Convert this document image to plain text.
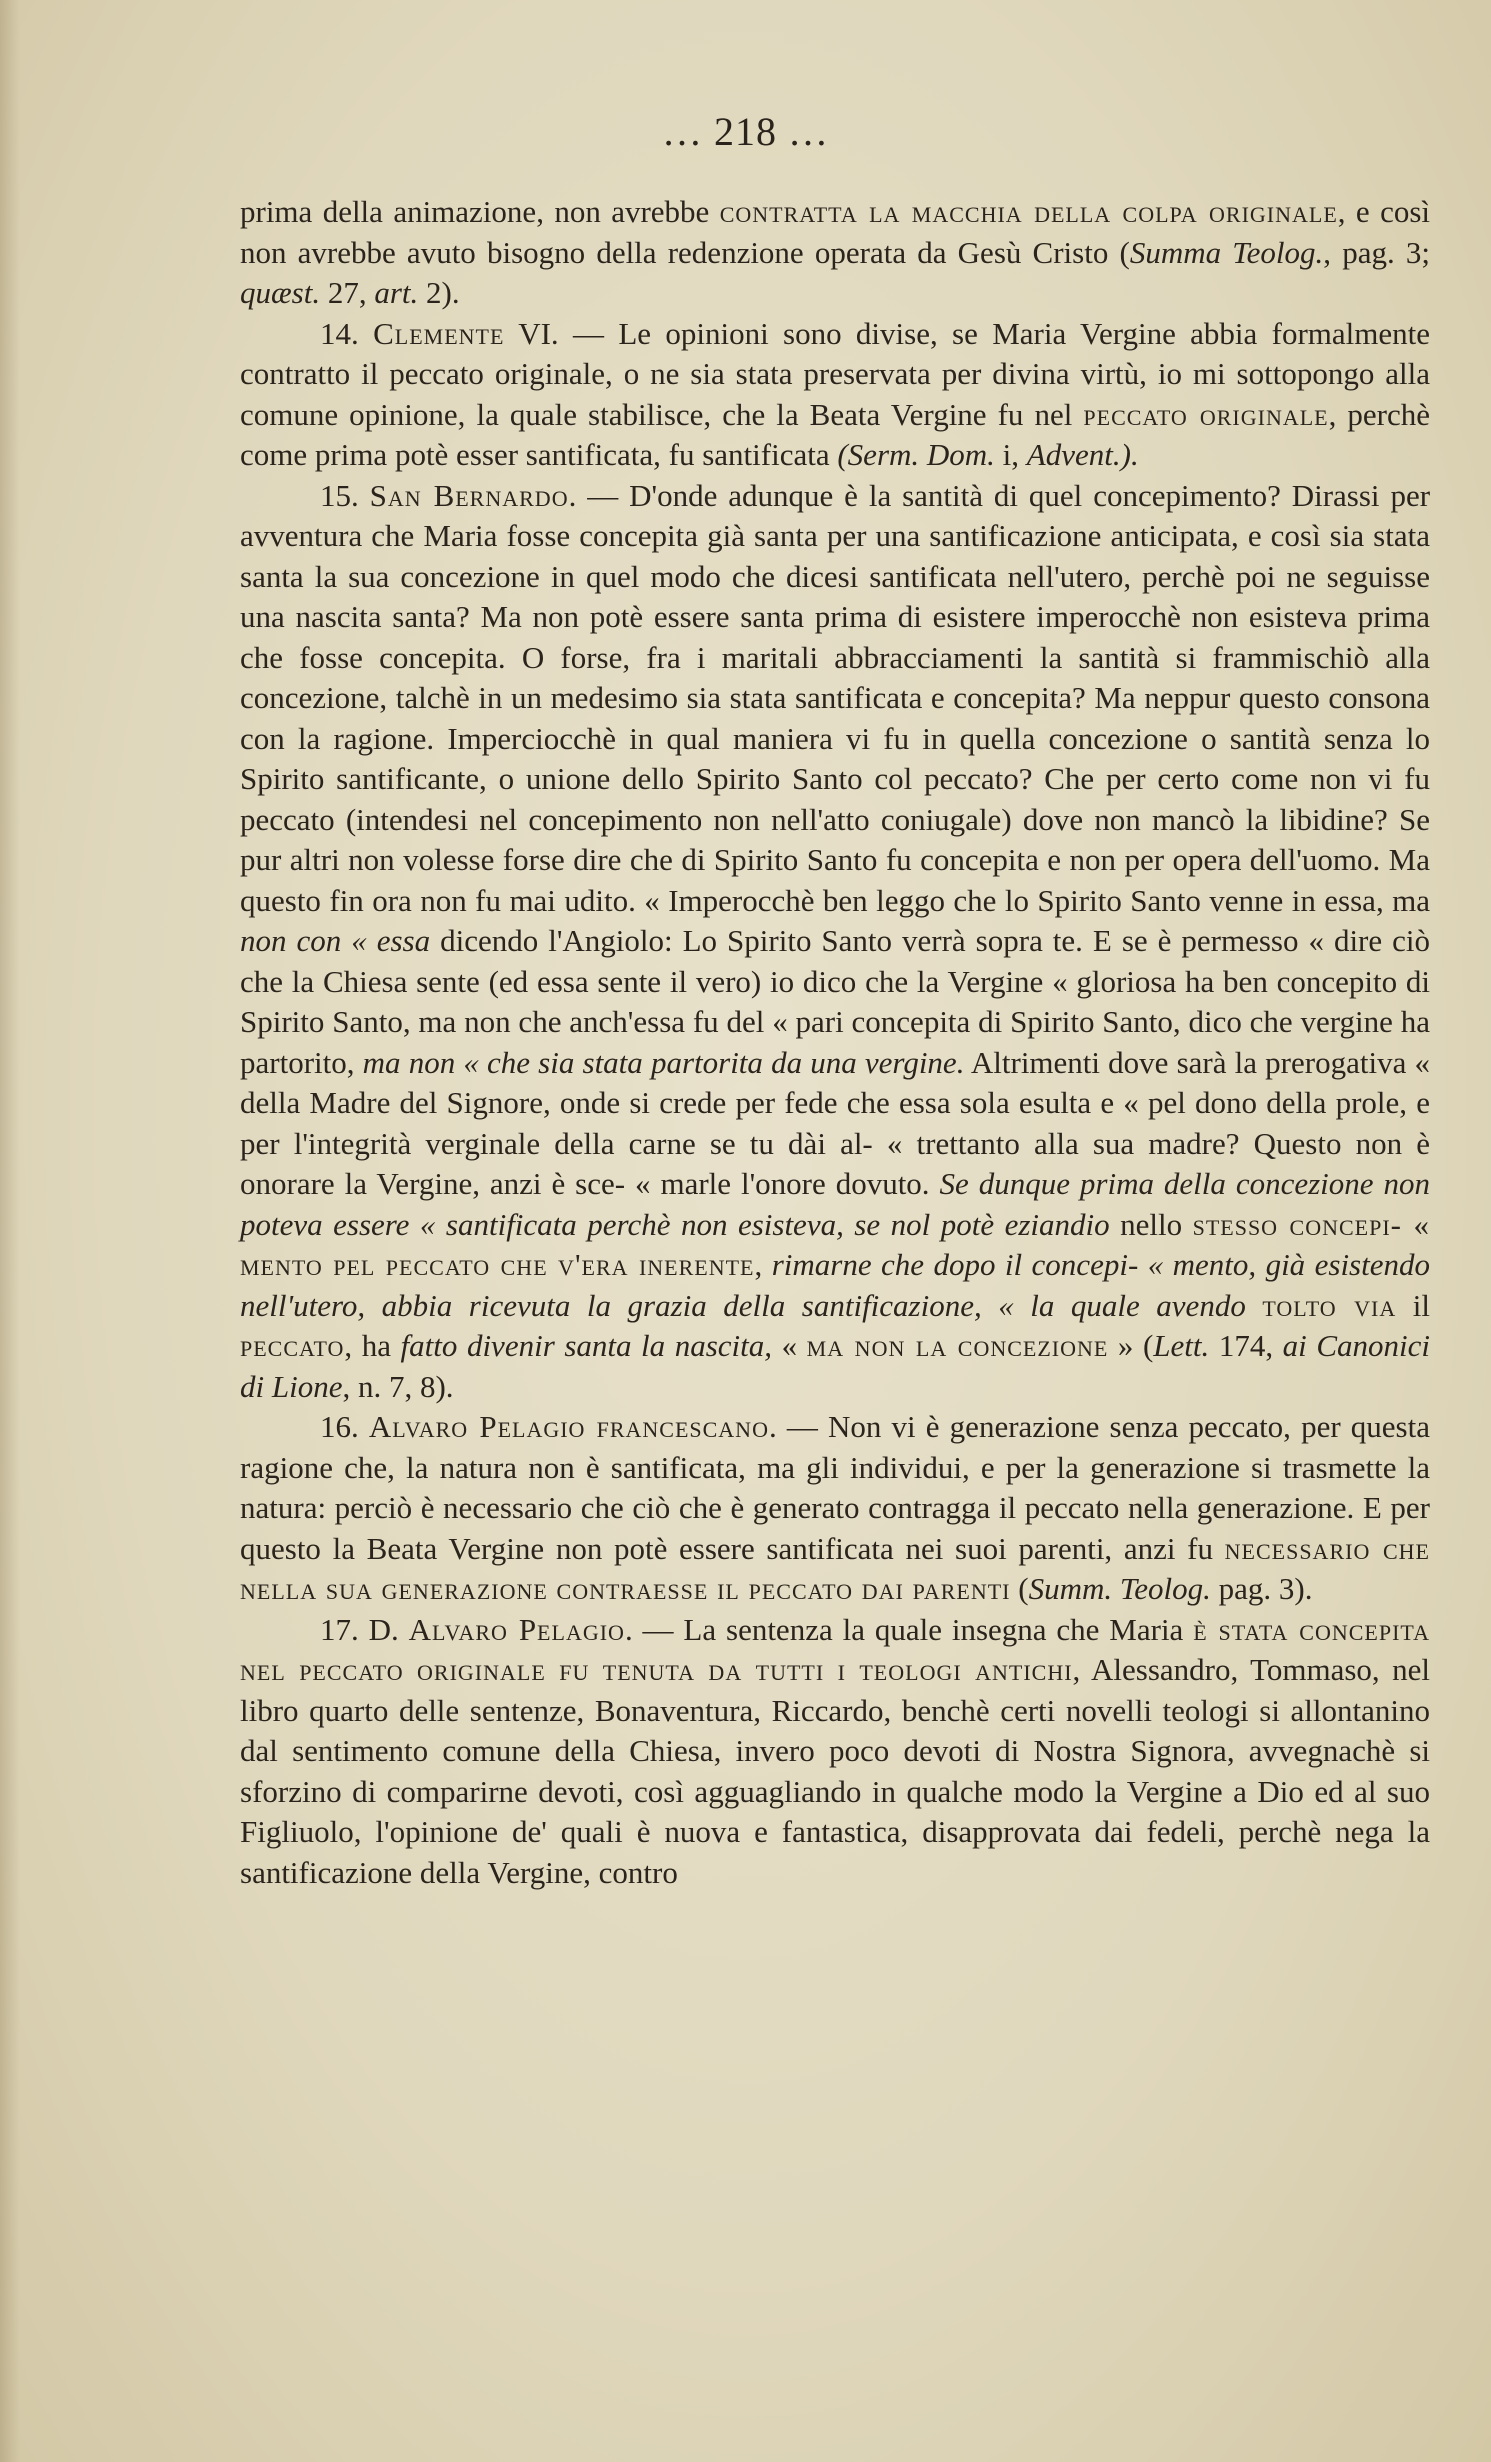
… 218 …

prima della animazione, non avrebbe contratta la macchia della colpa originale, e così non avrebbe avuto bisogno della redenzione operata da Gesù Cristo (Summa Teolog., pag. 3; quæst. 27, art. 2).

14. Clemente VI. — Le opinioni sono divise, se Maria Vergine abbia formalmente contratto il peccato originale, o ne sia stata preservata per divina virtù, io mi sottopongo alla comune opinione, la quale stabilisce, che la Beata Vergine fu nel peccato originale, perchè come prima potè esser santificata, fu santificata (Serm. Dom. i, Advent.).

15. San Bernardo. — D'onde adunque è la santità di quel concepimento? Dirassi per avventura che Maria fosse concepita già santa per una santificazione anticipata, e così sia stata santa la sua concezione in quel modo che dicesi santificata nell'utero, perchè poi ne seguisse una nascita santa? Ma non potè essere santa prima di esistere imperocchè non esisteva prima che fosse concepita. O forse, fra i maritali abbracciamenti la santità si frammischiò alla concezione, talchè in un medesimo sia stata santificata e concepita? Ma neppur questo consona con la ragione. Imperciocchè in qual maniera vi fu in quella concezione o santità senza lo Spirito santificante, o unione dello Spirito Santo col peccato? Che per certo come non vi fu peccato (intendesi nel concepimento non nell'atto coniugale) dove non mancò la libidine? Se pur altri non volesse forse dire che di Spirito Santo fu concepita e non per opera dell'uomo. Ma questo fin ora non fu mai udito. « Imperocchè ben leggo che lo Spirito Santo venne in essa, ma non con « essa dicendo l'Angiolo: Lo Spirito Santo verrà sopra te. E se è permesso « dire ciò che la Chiesa sente (ed essa sente il vero) io dico che la Vergine « gloriosa ha ben concepito di Spirito Santo, ma non che anch'essa fu del « pari concepita di Spirito Santo, dico che vergine ha partorito, ma non « che sia stata partorita da una vergine. Altrimenti dove sarà la prerogativa « della Madre del Signore, onde si crede per fede che essa sola esulta e « pel dono della prole, e per l'integrità verginale della carne se tu dài al- « trettanto alla sua madre? Questo non è onorare la Vergine, anzi è sce- « marle l'onore dovuto. Se dunque prima della concezione non poteva essere « santificata perchè non esisteva, se nol potè eziandio nello stesso concepi- « mento pel peccato che v'era inerente, rimarne che dopo il concepi- « mento, già esistendo nell'utero, abbia ricevuta la grazia della santificazione, « la quale avendo tolto via il peccato, ha fatto divenir santa la nascita, « ma non la concezione » (Lett. 174, ai Canonici di Lione, n. 7, 8).

16. Alvaro Pelagio francescano. — Non vi è generazione senza peccato, per questa ragione che, la natura non è santificata, ma gli individui, e per la generazione si trasmette la natura: perciò è necessario che ciò che è generato contragga il peccato nella generazione. E per questo la Beata Vergine non potè essere santificata nei suoi parenti, anzi fu necessario che nella sua generazione contraesse il peccato dai parenti (Summ. Teolog. pag. 3).

17. D. Alvaro Pelagio. — La sentenza la quale insegna che Maria è stata concepita nel peccato originale fu tenuta da tutti i teologi antichi, Alessandro, Tommaso, nel libro quarto delle sentenze, Bonaventura, Riccardo, benchè certi novelli teologi si allontanino dal sentimento comune della Chiesa, invero poco devoti di Nostra Signora, avvegnachè si sforzino di comparirne devoti, così agguagliando in qualche modo la Vergine a Dio ed al suo Figliuolo, l'opinione de' quali è nuova e fantastica, disapprovata dai fedeli, perchè nega la santificazione della Vergine, contro
